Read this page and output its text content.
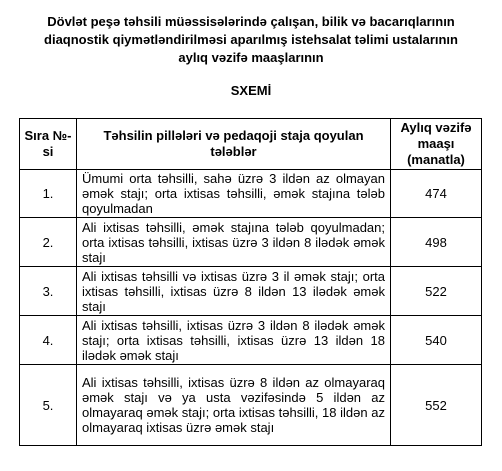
Dövlət peşə təhsili müəssisələrində çalışan, bilik və bacarıqlarının diaqnostik qiymətləndirilməsi aparılmış istehsalat təlimi ustalarının aylıq vəzifə maaşlarının

SXEMİ

Sıra №-si	Təhsilin pillələri və pedaqoji staja qoyulan tələblər	Aylıq vəzifə maaşı (manatla)
1.	Ümumi orta təhsilli, sahə üzrə 3 ildən az olmayan əmək stajı; orta ixtisas təhsilli, əmək stajına tələb qoyulmadan	474
2.	Ali ixtisas təhsilli, əmək stajına tələb qoyulmadan; orta ixtisas təhsilli, ixtisas üzrə 3 ildən 8 ilədək əmək stajı	498
3.	Ali ixtisas təhsilli və ixtisas üzrə 3 il əmək stajı; orta ixtisas təhsilli, ixtisas üzrə 8 ildən 13 ilədək əmək stajı	522
4.	Ali ixtisas təhsilli, ixtisas üzrə 3 ildən 8 ilədək əmək stajı; orta ixtisas təhsilli, ixtisas üzrə 13 ildən 18 ilədək əmək stajı	540
5.	Ali ixtisas təhsilli, ixtisas üzrə 8 ildən az olmayaraq əmək stajı və ya usta vəzifəsində 5 ildən az olmayaraq əmək stajı; orta ixtisas təhsilli, 18 ildən az olmayaraq ixtisas üzrə əmək stajı	552
